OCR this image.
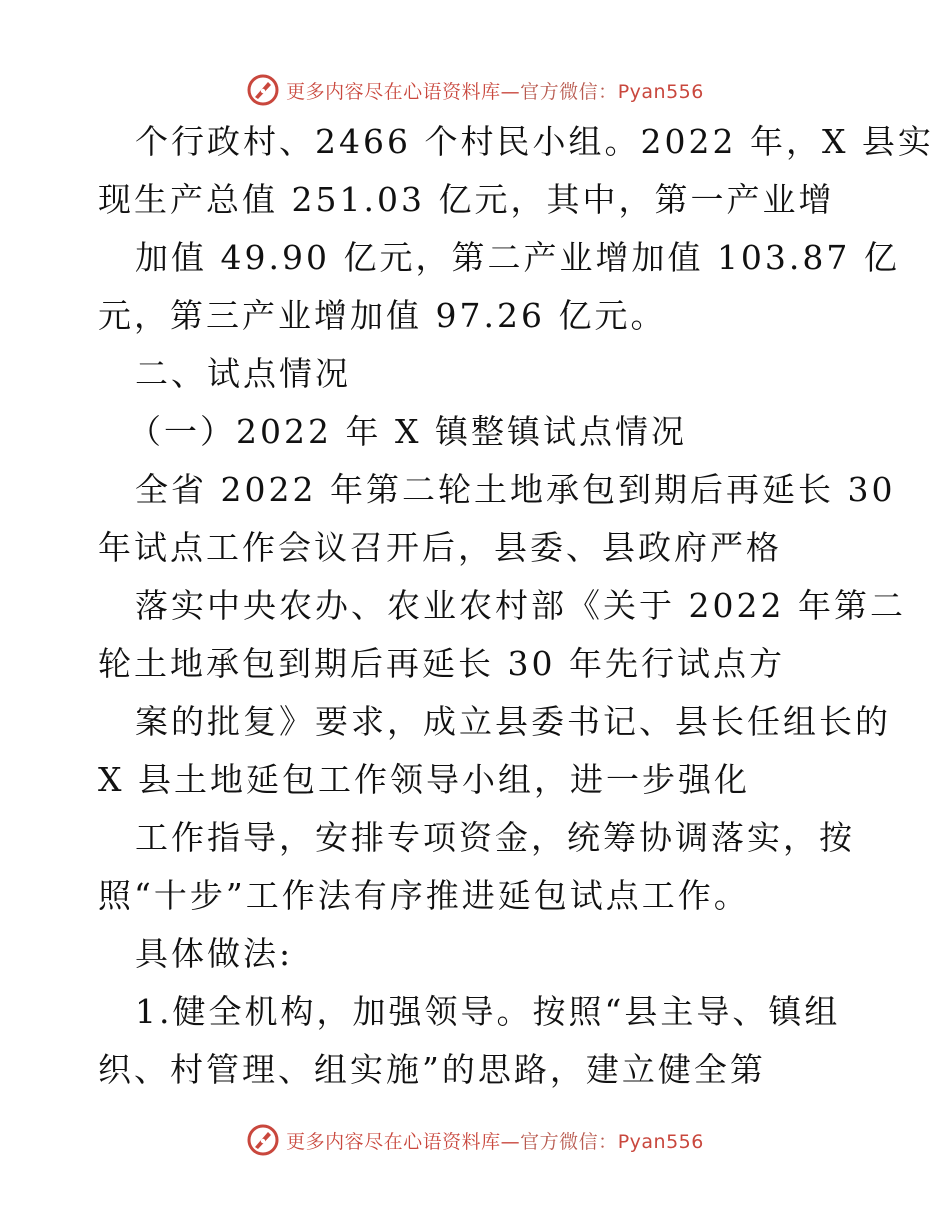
更多内容尽在心语资料库—官方微信：Pyan556
个行政村、2466 个村民小组。2022 年，X 县实
现生产总值 251.03 亿元，其中，第一产业增
加值 49.90 亿元，第二产业增加值 103.87 亿
元，第三产业增加值 97.26 亿元。
二、试点情况
（一）2022 年 X 镇整镇试点情况
全省 2022 年第二轮土地承包到期后再延长 30
年试点工作会议召开后，县委、县政府严格
落实中央农办、农业农村部《关于 2022 年第二
轮土地承包到期后再延长 30 年先行试点方
案的批复》要求，成立县委书记、县长任组长的
X 县土地延包工作领导小组，进一步强化
工作指导，安排专项资金，统筹协调落实，按
照“十步”工作法有序推进延包试点工作。
具体做法:
1.健全机构，加强领导。按照“县主导、镇组
织、村管理、组实施”的思路，建立健全第
更多内容尽在心语资料库—官方微信：Pyan556
